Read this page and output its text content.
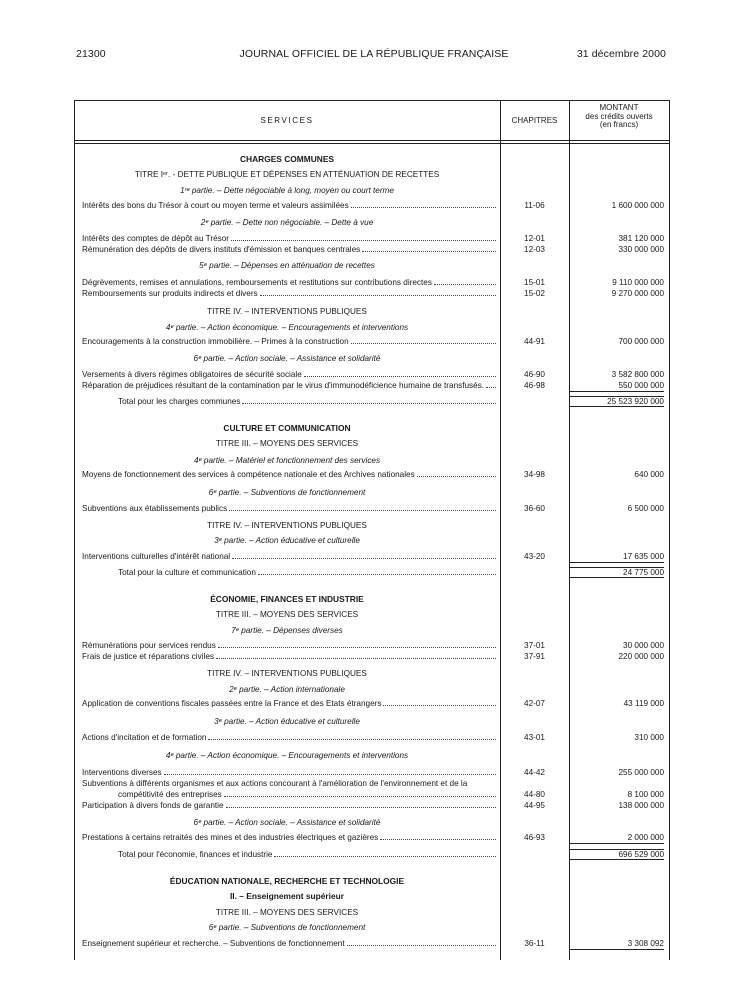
21300	JOURNAL OFFICIEL DE LA RÉPUBLIQUE FRANÇAISE	31 décembre 2000
SERVICES	CHAPITRES
MONTANT
des crédits ouverts
(en francs)
CHARGES COMMUNES
TITRE Iᵉʳ. - DETTE PUBLIQUE ET DÉPENSES EN ATTÉNUATION DE RECETTES
1ʳᵉ partie. – Dette négociable à long, moyen ou court terme
Intérêts des bons du Trésor à court ou moyen terme et valeurs assimilées	11-06	1 600 000 000
2ᵉ partie. – Dette non négociable. – Dette à vue
Intérêts des comptes de dépôt au Trésor	12-01	381 120 000
Rémunération des dépôts de divers instituts d'émission et banques centrales	12-03	330 000 000
5ᵉ partie. – Dépenses en atténuation de recettes
Dégrèvements, remises et annulations, remboursements et restitutions sur contributions directes	15-01	9 110 000 000
Remboursements sur produits indirects et divers	15-02	9 270 000 000
TITRE IV. – INTERVENTIONS PUBLIQUES
4ᵉ partie. – Action économique. – Encouragements et interventions
Encouragements à la construction immobilière. – Primes à la construction	44-91	700 000 000
6ᵉ partie. – Action sociale. – Assistance et solidarité
Versements à divers régimes obligatoires de sécurité sociale	46-90	3 582 800 000
Réparation de préjudices résultant de la contamination par le virus d'immunodéficience humaine de transfusés.	46-98	550 000 000
Total pour les charges communes	25 523 920 000
CULTURE ET COMMUNICATION
TITRE III. – MOYENS DES SERVICES
4ᵉ partie. – Matériel et fonctionnement des services
Moyens de fonctionnement des services à compétence nationale et des Archives nationales	34-98	640 000
6ᵉ partie. – Subventions de fonctionnement
Subventions aux établissements publics	36-60	6 500 000
TITRE IV. – INTERVENTIONS PUBLIQUES
3ᵉ partie. – Action éducative et culturelle
Interventions culturelles d'intérêt national	43-20	17 635 000
Total pour la culture et communication	24 775 000
ÉCONOMIE, FINANCES ET INDUSTRIE
TITRE III. – MOYENS DES SERVICES
7ᵉ partie. – Dépenses diverses
Rémunérations pour services rendus	37-01	30 000 000
Frais de justice et réparations civiles	37-91	220 000 000
TITRE IV. – INTERVENTIONS PUBLIQUES
2ᵉ partie. – Action internationale
Application de conventions fiscales passées entre la France et des Etats étrangers	42-07	43 119 000
3ᵉ partie. – Action éducative et culturelle
Actions d'incitation et de formation	43-01	310 000
4ᵉ partie. – Action économique. – Encouragements et interventions
Interventions diverses	44-42	255 000 000
Subventions à différents organismes et aux actions concourant à l'amélioration de l'environnement et de la
compétitivité des entreprises	44-80	8 100 000
Participation à divers fonds de garantie	44-95	138 000 000
6ᵉ partie. – Action sociale. – Assistance et solidarité
Prestations à certains retraités des mines et des industries électriques et gazières	46-93	2 000 000
Total pour l'économie, finances et industrie	696 529 000
ÉDUCATION NATIONALE, RECHERCHE ET TECHNOLOGIE
II. – Enseignement supérieur
TITRE III. – MOYENS DES SERVICES
6ᵉ partie. – Subventions de fonctionnement
Enseignement supérieur et recherche. – Subventions de fonctionnement	36-11	3 308 092
